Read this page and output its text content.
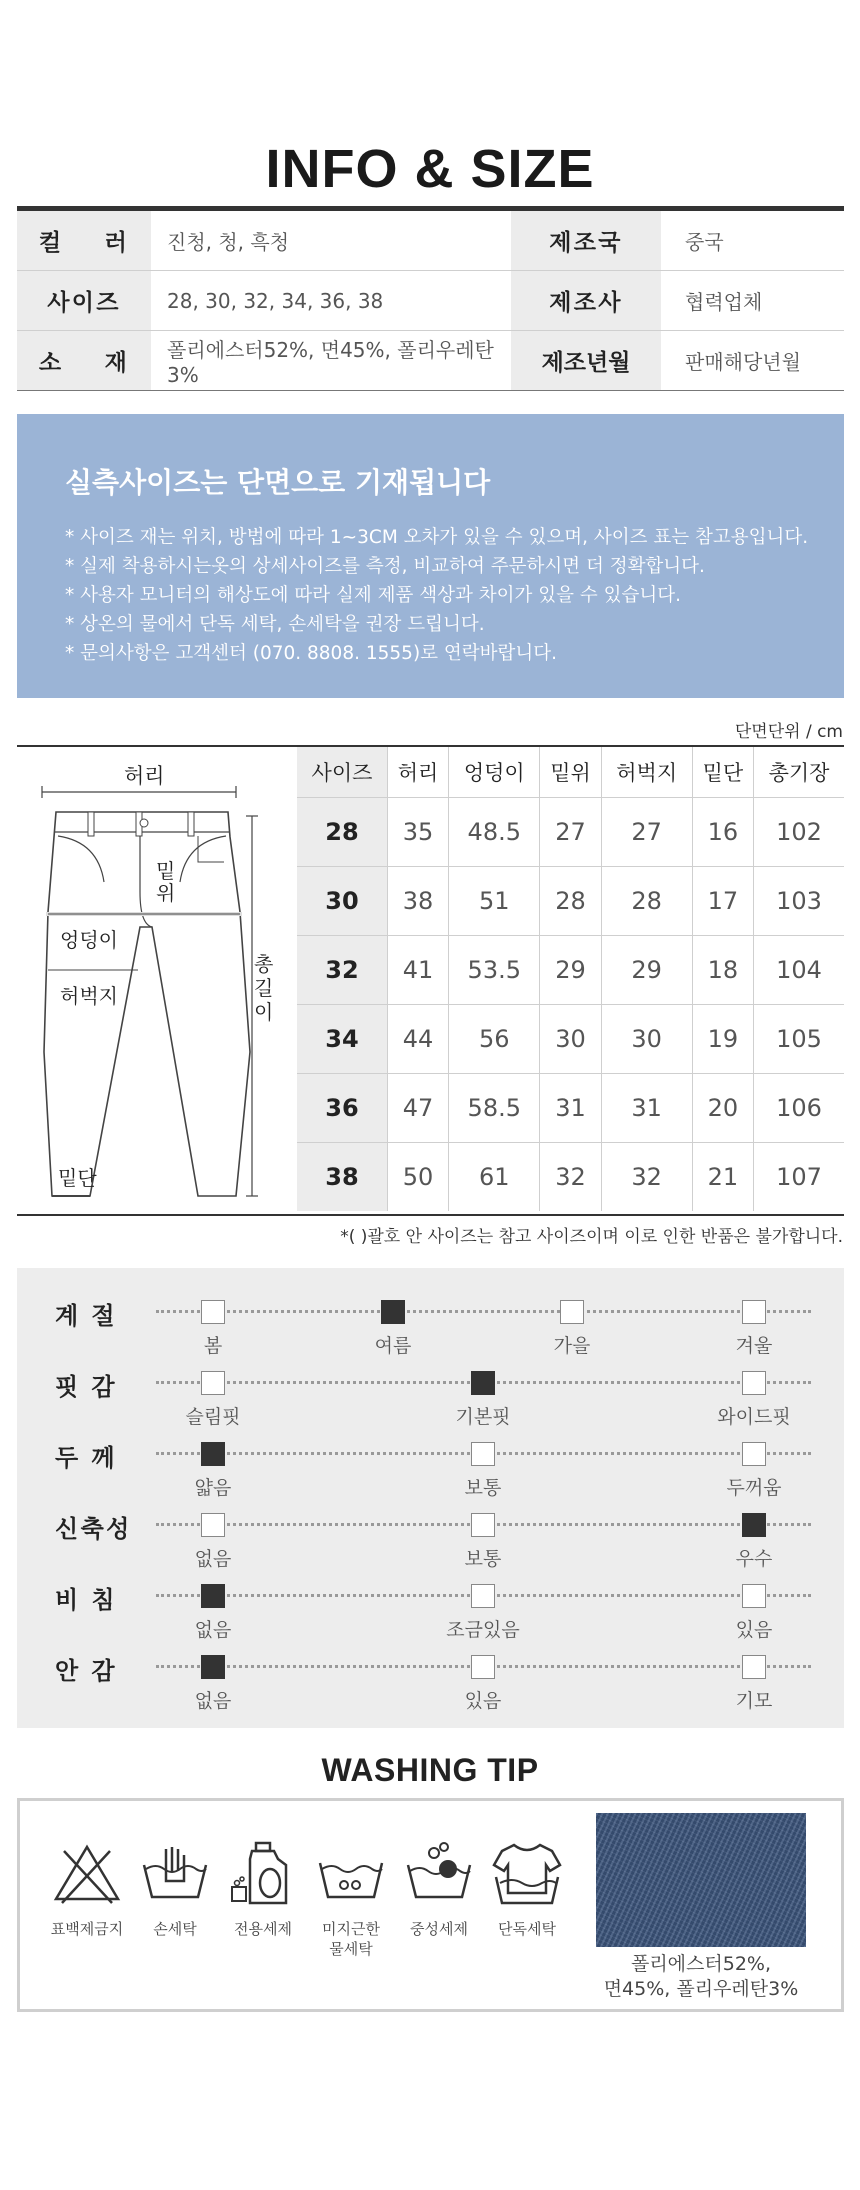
INFO & SIZE
컬    러	진청, 청, 흑청	제조국	중국
사이즈	28, 30, 32, 34, 36, 38	제조사	협력업체
소    재	폴리에스터52%, 면45%, 폴리우레탄3%	제조년월	판매해당년월
실측사이즈는 단면으로 기재됩니다

* 사이즈 재는 위치, 방법에 따라 1~3CM 오차가 있을 수 있으며, 사이즈 표는 참고용입니다.

* 실제 착용하시는옷의 상세사이즈를 측정, 비교하여 주문하시면 더 정확합니다.

* 사용자 모니터의 해상도에 따라 실제 제품 색상과 차이가 있을 수 있습니다.

* 상온의 물에서 단독 세탁, 손세탁을 권장 드립니다.

* 문의사항은 고객센터 (070. 8808. 1555)로 연락바랍니다.

단면단위 / cm
허리
밑위
엉덩이
허벅지
밑단
총길이
사이즈	허리	엉덩이	밑위	허벅지	밑단	총기장
28	35	48.5	27	27	16	102
30	38	51	28	28	17	103
32	41	53.5	29	29	18	104
34	44	56	30	30	19	105
36	47	58.5	31	31	20	106
38	50	61	32	32	21	107
*( )괄호 안 사이즈는 참고 사이즈이며 이로 인한 반품은 불가합니다.
계 절
봄	여름	가을	겨울
핏 감
슬림핏	기본핏	와이드핏
두 께
얇음	보통	두꺼움
신축성
없음	보통	우수
비 침
없음	조금있음	있음
안 감
없음	있음	기모
WASHING TIP
표백제금지	손세탁	전용세제	미지근한
물세탁
중성세제	단독세탁
폴리에스터52%,
면45%, 폴리우레탄3%
